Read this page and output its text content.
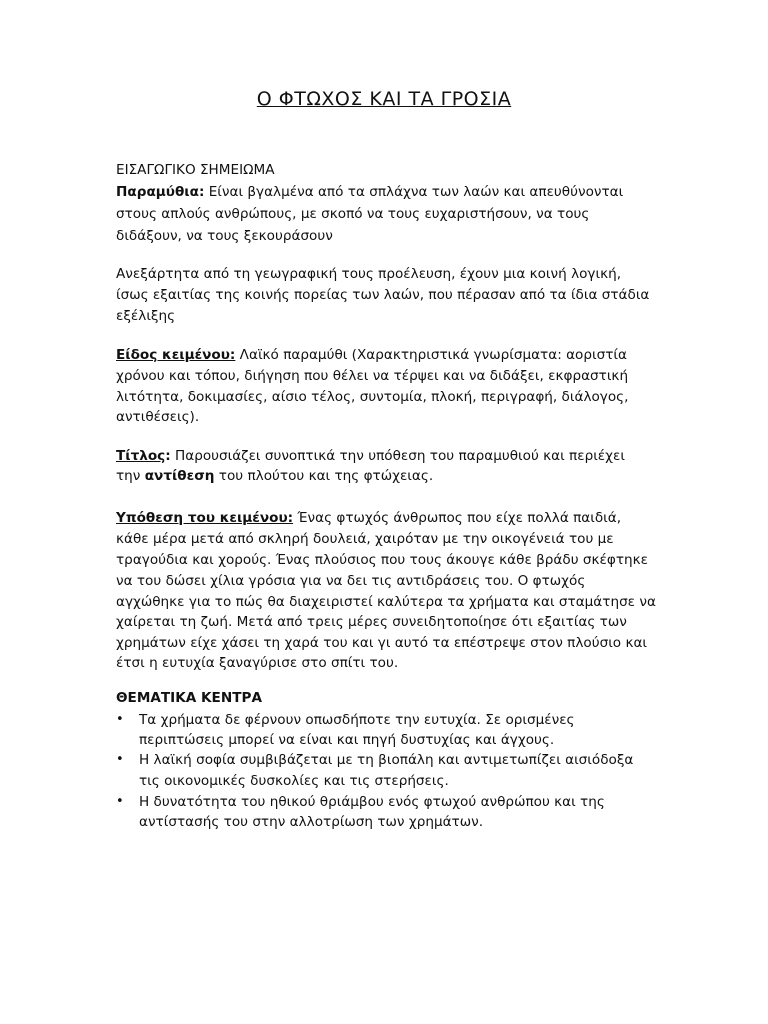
Ο ΦΤΩΧΟΣ ΚΑΙ ΤΑ ΓΡΟΣΙΑ
ΕΙΣΑΓΩΓΙΚΟ ΣΗΜΕΙΩΜΑ
Παραμύθια: Είναι βγαλμένα από τα σπλάχνα των λαών και απευθύνονται
στους απλούς ανθρώπους, με σκοπό να τους ευχαριστήσουν, να τους
διδάξουν, να τους ξεκουράσουν
Ανεξάρτητα από τη γεωγραφική τους προέλευση, έχουν μια κοινή λογική,
ίσως εξαιτίας της κοινής πορείας των λαών, που πέρασαν από τα ίδια στάδια
εξέλιξης
Είδος κειμένου: Λαϊκό παραμύθι (Χαρακτηριστικά γνωρίσματα: αοριστία
χρόνου και τόπου, διήγηση που θέλει να τέρψει και να διδάξει, εκφραστική
λιτότητα, δοκιμασίες, αίσιο τέλος, συντομία, πλοκή, περιγραφή, διάλογος,
αντιθέσεις).
Τίτλος: Παρουσιάζει συνοπτικά την υπόθεση του παραμυθιού και περιέχει
την αντίθεση του πλούτου και της φτώχειας.
Υπόθεση του κειμένου: Ένας φτωχός άνθρωπος που είχε πολλά παιδιά,
κάθε μέρα μετά από σκληρή δουλειά, χαιρόταν με την οικογένειά του με
τραγούδια και χορούς. Ένας πλούσιος που τους άκουγε κάθε βράδυ σκέφτηκε
να του δώσει χίλια γρόσια για να δει τις αντιδράσεις του. Ο φτωχός
αγχώθηκε για το πώς θα διαχειριστεί καλύτερα τα χρήματα και σταμάτησε να
χαίρεται τη ζωή. Μετά από τρεις μέρες συνειδητοποίησε ότι εξαιτίας των
χρημάτων είχε χάσει τη χαρά του και γι αυτό τα επέστρεψε στον πλούσιο και
έτσι η ευτυχία ξαναγύρισε στο σπίτι του.
ΘΕΜΑΤΙΚΑ ΚΕΝΤΡΑ
• Τα χρήματα δε φέρνουν οπωσδήποτε την ευτυχία. Σε ορισμένες
περιπτώσεις μπορεί να είναι και πηγή δυστυχίας και άγχους.
• Η λαϊκή σοφία συμβιβάζεται με τη βιοπάλη και αντιμετωπίζει αισιόδοξα
τις οικονομικές δυσκολίες και τις στερήσεις.
• Η δυνατότητα του ηθικού θριάμβου ενός φτωχού ανθρώπου και της
αντίστασής του στην αλλοτρίωση των χρημάτων.
